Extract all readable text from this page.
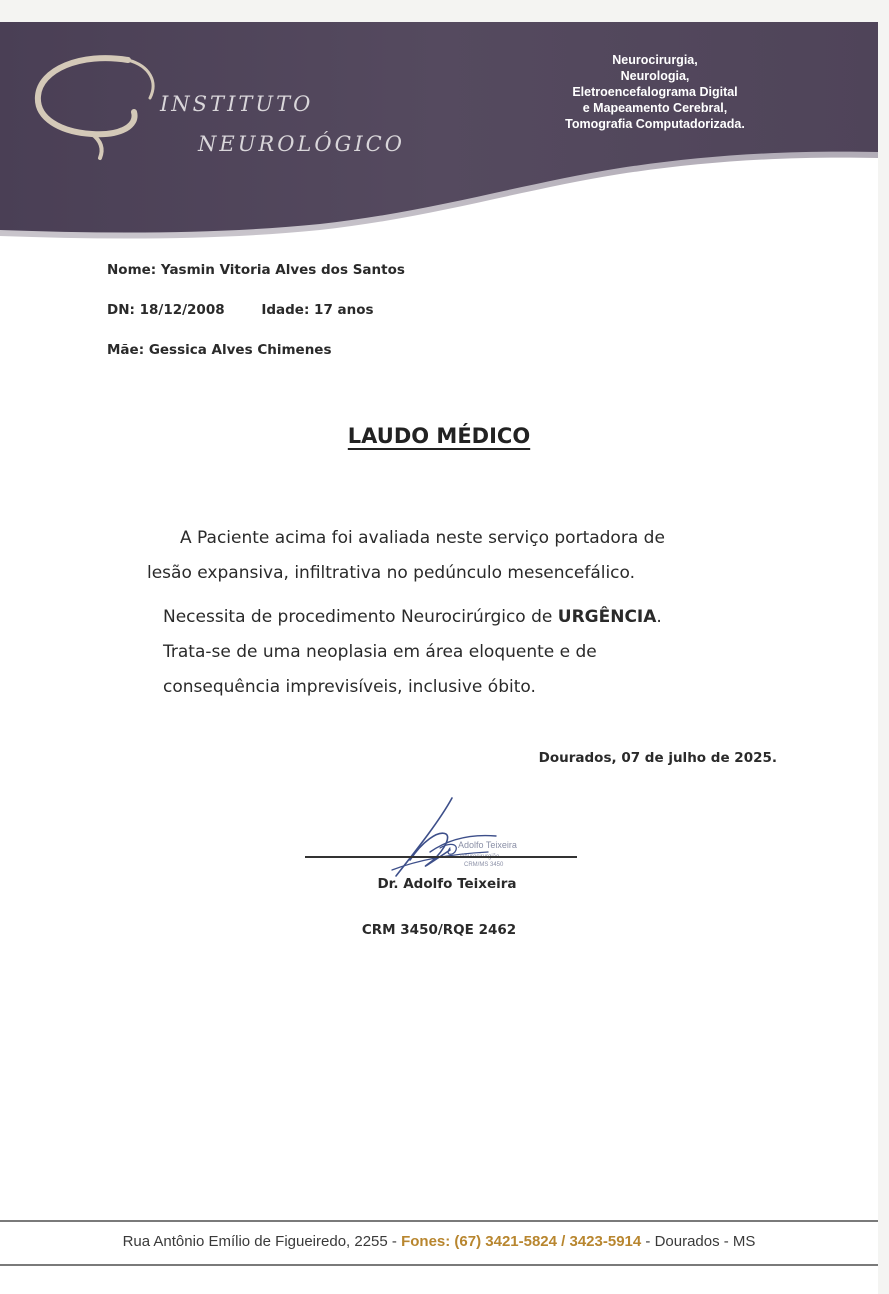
INSTITUTO
NEUROLÓGICO
Neurocirurgia,
Neurologia,
Eletroencefalograma Digital
e Mapeamento Cerebral,
Tomografia Computadorizada.
Nome: Yasmin Vitoria Alves dos Santos
DN: 18/12/2008	Idade: 17 anos
Mãe: Gessica Alves Chimenes
LAUDO MÉDICO
A Paciente acima foi avaliada neste serviço portadora de
lesão expansiva, infiltrativa no pedúnculo mesencefálico.
Necessita de procedimento Neurocirúrgico de URGÊNCIA.
Trata-se de uma neoplasia em área eloquente e de
consequência imprevisíveis, inclusive óbito.
Dourados, 07 de julho de 2025.
Adolfo Teixeira
CRM/MS 3450
Dr. Adolfo Teixeira
CRM 3450/RQE 2462
Rua Antônio Emílio de Figueiredo, 2255 - Fones: (67) 3421-5824 / 3423-5914 - Dourados - MS
